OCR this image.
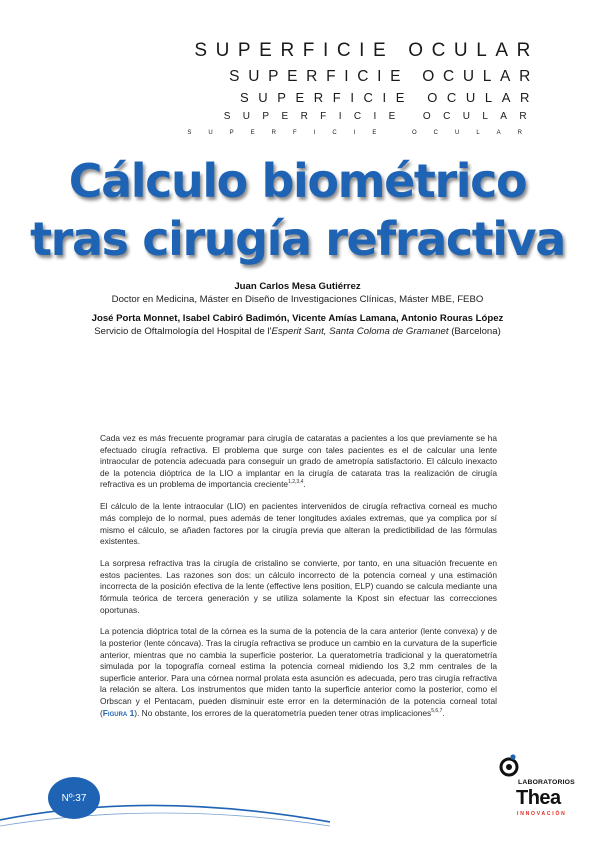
SUPERFICIE OCULAR
SUPERFICIE OCULAR
SUPERFICIE OCULAR
SUPERFICIE OCULAR
SUPERFICIE OCULAR
Cálculo biométrico
tras cirugía refractiva
Juan Carlos Mesa Gutiérrez
Doctor en Medicina, Máster en Diseño de Investigaciones Clínicas, Máster MBE, FEBO
José Porta Monnet, Isabel Cabiró Badimón, Vicente Amías Lamana, Antonio Rouras López
Servicio de Oftalmología del Hospital de l'Esperit Sant, Santa Coloma de Gramanet (Barcelona)

Cada vez es más frecuente programar para cirugía de cataratas a pacientes a los que previamente se ha efectuado cirugía refractiva. El problema que surge con tales pacientes es el de calcular una lente intraocular de potencia adecuada para conseguir un grado de ametropía satisfactorio. El cálculo inexacto de la potencia dióptrica de la LIO a implantar en la cirugía de catarata tras la realización de cirugía refractiva es un problema de importancia creciente$^{1,2,3,4}$.

El cálculo de la lente intraocular (LIO) en pacientes intervenidos de cirugía refractiva corneal es mucho más complejo de lo normal, pues además de tener longitudes axiales extremas, que ya complica por sí mismo el cálculo, se añaden factores por la cirugía previa que alteran la predictibilidad de las fórmulas existentes.

La sorpresa refractiva tras la cirugía de cristalino se convierte, por tanto, en una situación frecuente en estos pacientes. Las razones son dos: un cálculo incorrecto de la potencia corneal y una estimación incorrecta de la posición efectiva de la lente (effective lens position, ELP) cuando se calcula mediante una fórmula teórica de tercera generación y se utiliza solamente la Kpost sin efectuar las correcciones oportunas.

La potencia dióptrica total de la córnea es la suma de la potencia de la cara anterior (lente convexa) y de la posterior (lente cóncava). Tras la cirugía refractiva se produce un cambio en la curvatura de la superficie anterior, mientras que no cambia la superficie posterior. La queratometría tradicional y la queratometría simulada por la topografía corneal estima la potencia corneal midiendo los 3,2 mm centrales de la superficie anterior. Para una córnea normal prolata esta asunción es adecuada, pero tras cirugía refractiva la relación se altera. Los instrumentos que miden tanto la superficie anterior como la posterior, como el Orbscan y el Pentacam, pueden disminuir este error en la determinación de la potencia corneal total (Figura 1). No obstante, los errores de la queratometría pueden tener otras implicaciones$^{5,6,7}$.

Nº:37
LABORATORIOS
Thea
INNOVACIÓN
